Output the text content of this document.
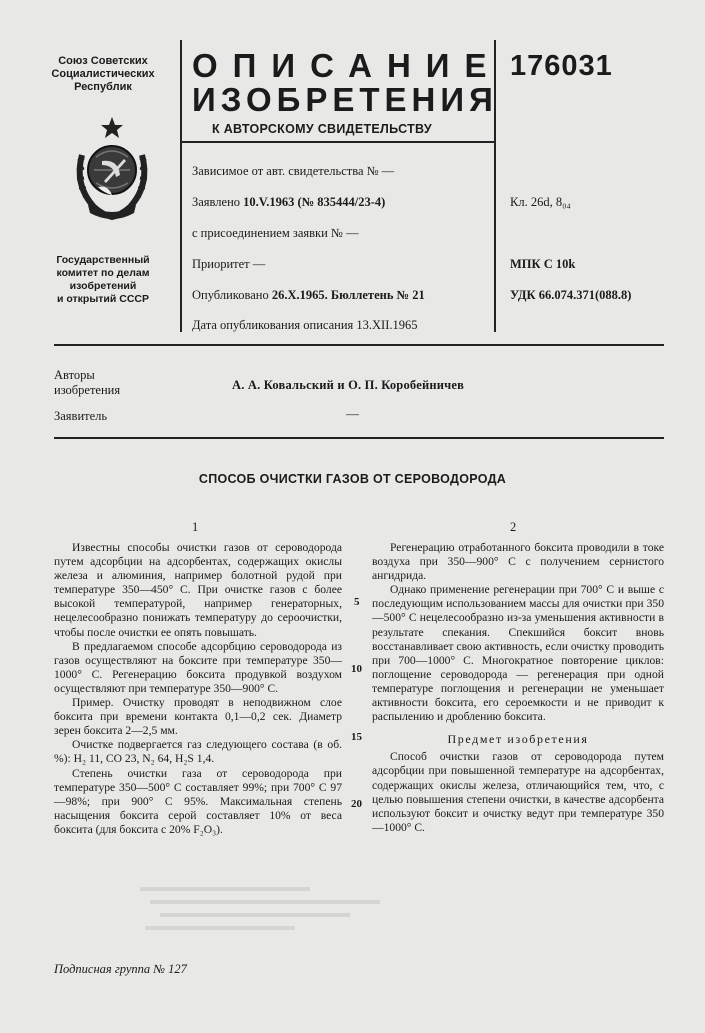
Союз Советских
Социалистических
Республик
Государственный
комитет по делам
изобретений
и открытий СССР
ОПИСАНИЕ
ИЗОБРЕТЕНИЯ
К АВТОРСКОМУ СВИДЕТЕЛЬСТВУ
176031
Зависимое от авт. свидетельства № —
Заявлено 10.V.1963 (№ 835444/23-4)
с присоединением заявки № —
Приоритет —
Опубликовано 26.X.1965. Бюллетень № 21
Дата опубликования описания 13.XII.1965
Кл. 26d, 8₀₄
МПК С 10k
УДК 66.074.371(088.8)
Авторы
изобретения	А. А. Ковальский и О. П. Коробейничев
Заявитель	—
СПОСОБ ОЧИСТКИ ГАЗОВ ОТ СЕРОВОДОРОДА
1	2

Известны способы очистки газов от сероводорода путем адсорбции на адсорбентах, содержащих окислы железа и алюминия, например болотной рудой при температуре 350—450° С. При очистке газов с более высокой температурой, например генераторных, нецелесообразно понижать температуру до сероочистки, чтобы после очистки ее опять повышать.

В предлагаемом способе адсорбцию сероводорода из газов осуществляют на боксите при температуре 350—1000° С. Регенерацию боксита продувкой воздухом осуществляют при температуре 350—900° С.

Пример. Очистку проводят в неподвижном слое боксита при времени контакта 0,1—0,2 сек. Диаметр зерен боксита 2—2,5 мм.

Очистке подвергается газ следующего состава (в об. %): H₂ 11, CO 23, N₂ 64, H₂S 1,4.

Степень очистки газа от сероводорода при температуре 350—500° С составляет 99%; при 700° С 97—98%; при 900° С 95%. Максимальная степень насыщения боксита серой составляет 10% от веса боксита (для боксита с 20% F₂O₃).

5
10
15
20

Регенерацию отработанного боксита проводили в токе воздуха при 350—900° С с получением сернистого ангидрида.

Однако применение регенерации при 700° С и выше с последующим использованием массы для очистки при 350—500° С нецелесообразно из-за уменьшения активности в результате спекания. Спекшийся боксит вновь восстанавливает свою активность, если очистку проводить при 700—1000° С. Многократное повторение циклов: поглощение сероводорода — регенерация при одной температуре поглощения и регенерации не уменьшает активности боксита, его сероемкости и не приводит к распылению и дроблению боксита.

Предмет изобретения

Способ очистки газов от сероводорода путем адсорбции при повышенной температуре на адсорбентах, содержащих окислы железа, отличающийся тем, что, с целью повышения степени очистки, в качестве адсорбента используют боксит и очистку ведут при температуре 350—1000° С.

Подписная группа № 127
